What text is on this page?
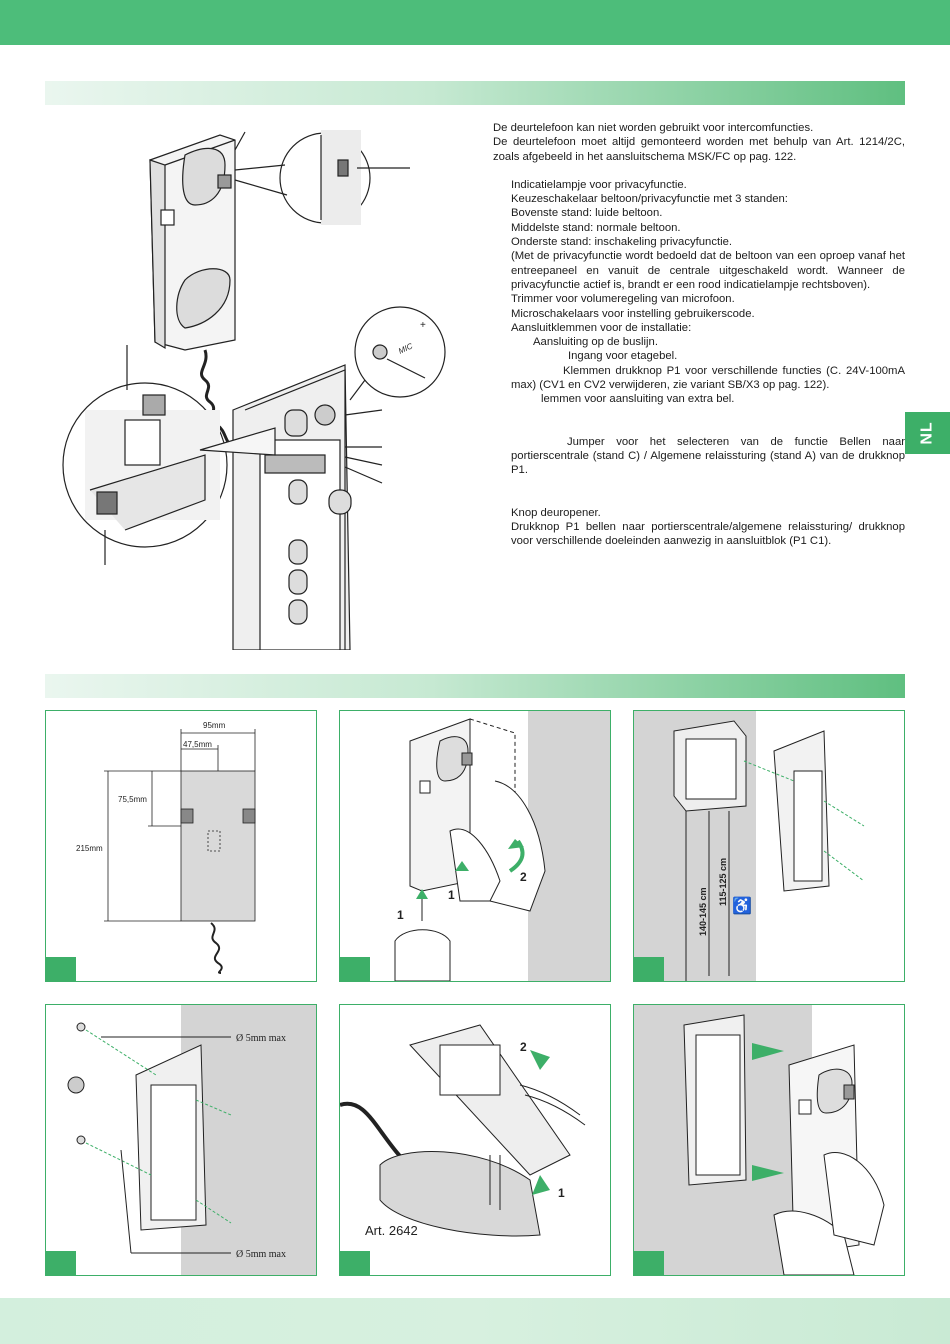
NL
MIC
+

De deurtelefoon kan niet worden gebruikt voor intercomfuncties.

De deurtelefoon moet altijd gemonteerd worden met behulp van Art. 1214/2C, zoals afgebeeld in het aansluitschema MSK/FC op pag. 122.

Indicatielampje voor privacyfunctie.

Keuzeschakelaar beltoon/privacyfunctie met 3 standen:

Bovenste stand: luide beltoon.

Middelste stand: normale beltoon.

Onderste stand: inschakeling privacyfunctie.

(Met de privacyfunctie wordt bedoeld dat de beltoon van een oproep vanaf het entreepaneel en vanuit de centrale uitgeschakeld wordt. Wanneer de privacyfunctie actief is, brandt er een rood indicatielampje rechtsboven).

Trimmer voor volumeregeling van microfoon.

Microschakelaars voor instelling gebruikerscode.

Aansluitklemmen voor de installatie:

Aansluiting op de buslijn.

Ingang voor etagebel.

Klemmen drukknop P1 voor verschillende functies (C. 24V-100mA max) (CV1 en CV2 verwijderen, zie variant SB/X3 op pag. 122).

lemmen voor aansluiting van extra bel.

Jumper voor het selecteren van de functie Bellen naar portierscentrale (stand C) / Algemene relaissturing (stand A) van de drukknop P1.

Knop deuropener.

Drukknop P1 bellen naar portierscentrale/algemene relaissturing/ drukknop voor verschillende doeleinden aanwezig in aansluitblok (P1 C1).

95mm
47,5mm
75,5mm
215mm
1
1
2
140-145 cm
115-125 cm
♿
Ø 5mm max
Ø 5mm max
2
1
Art. 2642
